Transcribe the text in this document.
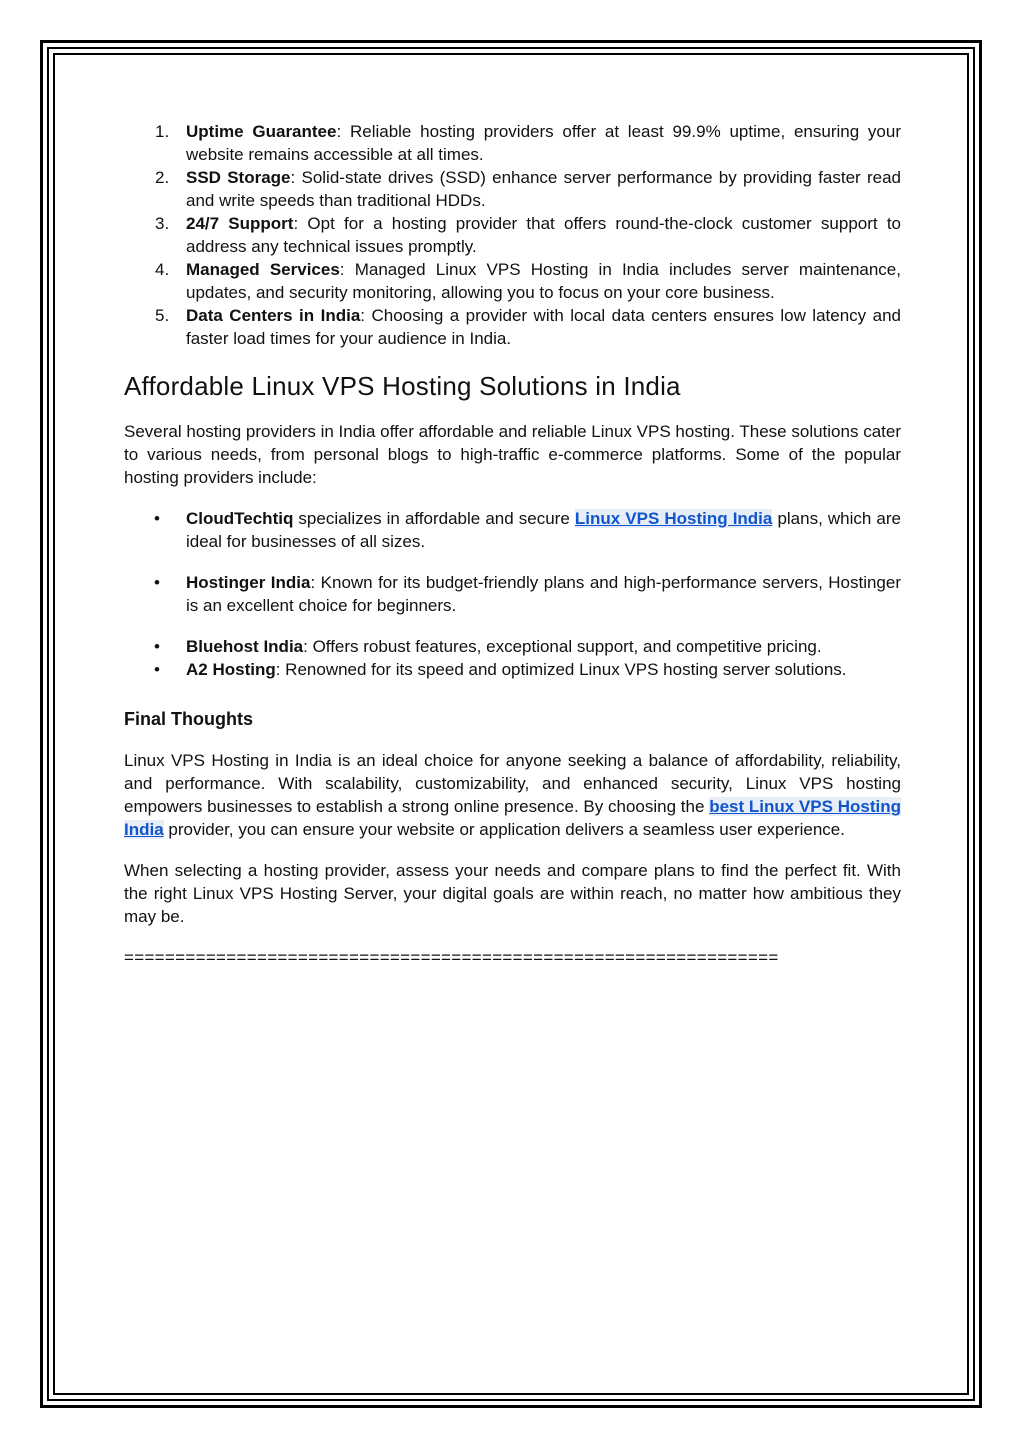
1. Uptime Guarantee: Reliable hosting providers offer at least 99.9% uptime, ensuring your website remains accessible at all times.
2. SSD Storage: Solid-state drives (SSD) enhance server performance by providing faster read and write speeds than traditional HDDs.
3. 24/7 Support: Opt for a hosting provider that offers round-the-clock customer support to address any technical issues promptly.
4. Managed Services: Managed Linux VPS Hosting in India includes server maintenance, updates, and security monitoring, allowing you to focus on your core business.
5. Data Centers in India: Choosing a provider with local data centers ensures low latency and faster load times for your audience in India.
Affordable Linux VPS Hosting Solutions in India

Several hosting providers in India offer affordable and reliable Linux VPS hosting. These solutions cater to various needs, from personal blogs to high-traffic e-commerce platforms. Some of the popular hosting providers include:

• CloudTechtiq specializes in affordable and secure Linux VPS Hosting India plans, which are ideal for businesses of all sizes.
• Hostinger India: Known for its budget-friendly plans and high-performance servers, Hostinger is an excellent choice for beginners.
• Bluehost India: Offers robust features, exceptional support, and competitive pricing.
• A2 Hosting: Renowned for its speed and optimized Linux VPS hosting server solutions.
Final Thoughts

Linux VPS Hosting in India is an ideal choice for anyone seeking a balance of affordability, reliability, and performance. With scalability, customizability, and enhanced security, Linux VPS hosting empowers businesses to establish a strong online presence. By choosing the best Linux VPS Hosting India provider, you can ensure your website or application delivers a seamless user experience.

When selecting a hosting provider, assess your needs and compare plans to find the perfect fit. With the right Linux VPS Hosting Server, your digital goals are within reach, no matter how ambitious they may be.

================================================================
